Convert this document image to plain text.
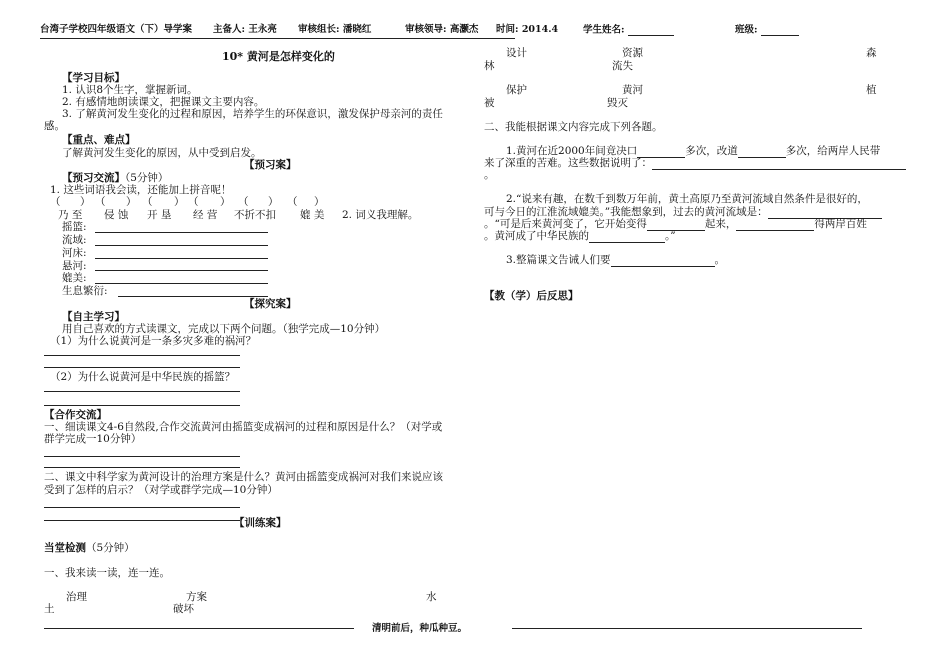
台湾子学校四年级语文（下）导学案 主备人: 王永亮 审核组长: 潘晓红	审核领导: 高灏杰 时间: 2014.4	学生姓名:	班级:
10* 黄河是怎样变化的
【学习目标】
1. 认识8个生字，掌握新词。
2. 有感情地朗读课文，把握课文主要内容。
3. 了解黄河发生变化的过程和原因，培养学生的环保意识，激发保护母亲河的责任
感。
【重点、难点】
了解黄河发生变化的原因，从中受到启发。
【预习案】
【预习交流】（5分钟）
1. 这些词语我会读，还能加上拼音呢！
（ ） （ ） （ ） （ ） （ ） （ ）
乃 至 侵 蚀 开 垦 经 营 不折不扣 媲 美 2. 词义我理解。
摇篮:
流域:
河床:
悬河:
媲美:
生息繁衍:
【探究案】
【自主学习】
用自己喜欢的方式读课文，完成以下两个问题。（独学完成—10分钟）
（1）为什么说黄河是一条多灾多难的祸河？
（2）为什么说黄河是中华民族的摇篮？
【合作交流】
一、细读课文4-6自然段,合作交流黄河由摇篮变成祸河的过程和原因是什么？（对学或
群学完成一10分钟）
二、课文中科学家为黄河设计的治理方案是什么？黄河由摇篮变成祸河对我们来说应该
受到了怎样的启示？（对学或群学完成—10分钟）
【训练案】
当堂检测（5分钟）
一、我来读一读，连一连。
治理	方案	水
土	破坏
清明前后，种瓜种豆。
设计	资源	森
林	流失
保护	黄河	植
被	毁灭
二、我能根据课文内容完成下列各题。
1.黄河在近2000年间竟决口	多次，改道	多次，给两岸人民带
来了深重的苦难。这些数据说明了：
。
2.“说来有趣，在数千到数万年前，黄土高原乃至黄河流域自然条件是很好的，
可与今日的江淮流域媲美。”我能想象到，过去的黄河流域是：
。“可是后来黄河变了，它开始变得	起来，	得两岸百姓
。黄河成了中华民族的	。”
3.整篇课文告诫人们要	。
【教（学）后反思】
